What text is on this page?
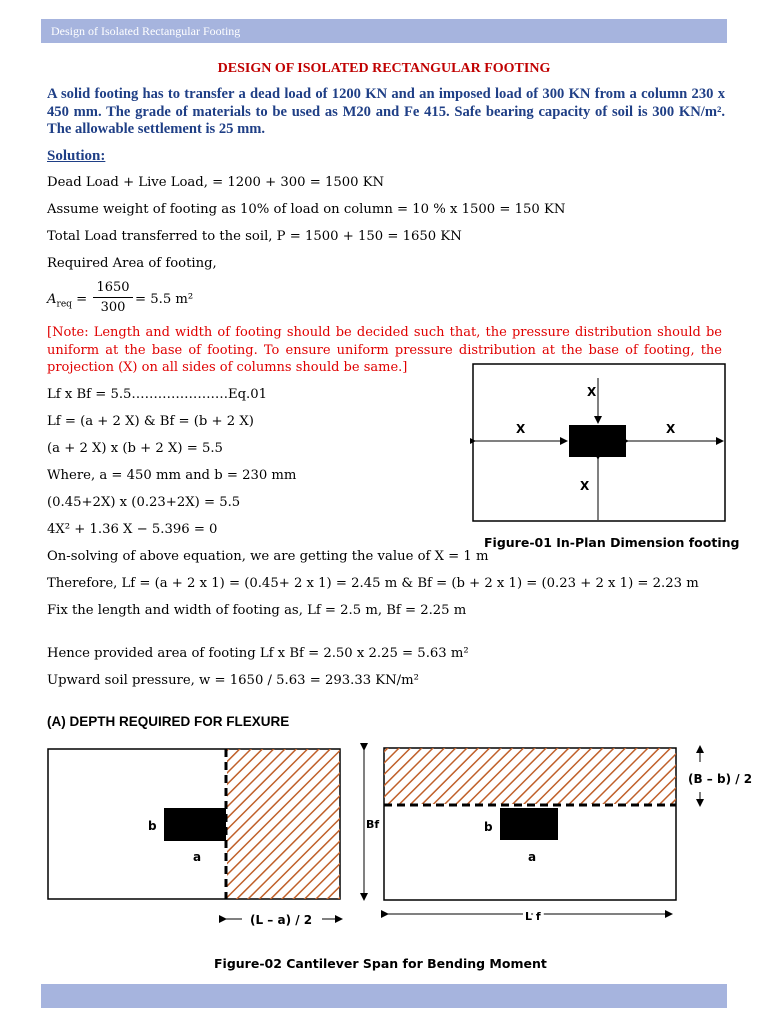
Design of Isolated Rectangular Footing
DESIGN OF ISOLATED RECTANGULAR FOOTING
A solid footing has to transfer a dead load of 1200 KN and an imposed load of 300 KN from a column 230 x 450 mm. The grade of materials to be used as M20 and Fe 415. Safe bearing capacity of soil is 300 KN/m². The allowable settlement is 25 mm.
Solution:
Dead Load + Live Load, = 1200 + 300 = 1500 KN
Assume weight of footing as 10% of load on column = 10 % x 1500 = 150 KN
Total Load transferred to the soil, P = 1500 + 150 = 1650 KN
Required Area of footing,
$A_{req}$ =
1650
300
= 5.5 m²
[Note: Length and width of footing should be decided such that, the pressure distribution should be uniform at the base of footing. To ensure uniform pressure distribution at the base of footing, the projection (X) on all sides of columns should be same.]
Lf x Bf = 5.5………………….Eq.01
Lf = (a + 2 X) & Bf = (b + 2 X)
(a + 2 X) x (b + 2 X) = 5.5
Where, a = 450 mm and b = 230 mm
(0.45+2X) x (0.23+2X) = 5.5
4X² + 1.36 X − 5.396 = 0
On-solving of above equation, we are getting the value of X = 1 m
Therefore, Lf = (a + 2 x 1) = (0.45+ 2 x 1) = 2.45 m & Bf = (b + 2 x 1) = (0.23 + 2 x 1) = 2.23 m
Fix the length and width of footing as, Lf = 2.5 m, Bf = 2.25 m
Hence provided area of footing Lf x Bf = 2.50 x 2.25 = 5.63 m²
Upward soil pressure, w = 1650 / 5.63 = 293.33 KN/m²
X
X	X
X
Figure-01 In-Plan Dimension footing
(A) DEPTH REQUIRED FOR FLEXURE
b
a
(L – a) / 2
Bf	b
a
L f
(B – b) / 2
Figure-02 Cantilever Span for Bending Moment
